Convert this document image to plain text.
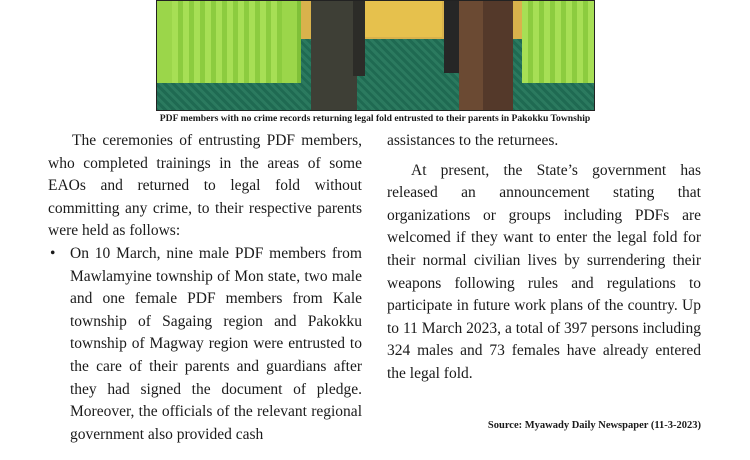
PDF members with no crime records returning legal fold entrusted to their parents in Pakokku Township

The ceremonies of entrusting PDF members, who completed trainings in the areas of some EAOs and returned to legal fold without committing any crime, to their respective parents were held as follows:

• On 10 March, nine male PDF members from Mawlamyine township of Mon state, two male and one female PDF members from Kale township of Sagaing region and Pakokku township of Magway region were entrusted to the care of their parents and guardians after they had signed the document of pledge. Moreover, the officials of the relevant regional government also provided cash

assistances to the returnees.

At present, the State’s government has released an announcement stating that organizations or groups including PDFs are welcomed if they want to enter the legal fold for their normal civilian lives by surrendering their weapons following rules and regulations to participate in future work plans of the country. Up to 11 March 2023, a total of 397 persons including 324 males and 73 females have already entered the legal fold.

Source: Myawady Daily Newspaper (11-3-2023)
